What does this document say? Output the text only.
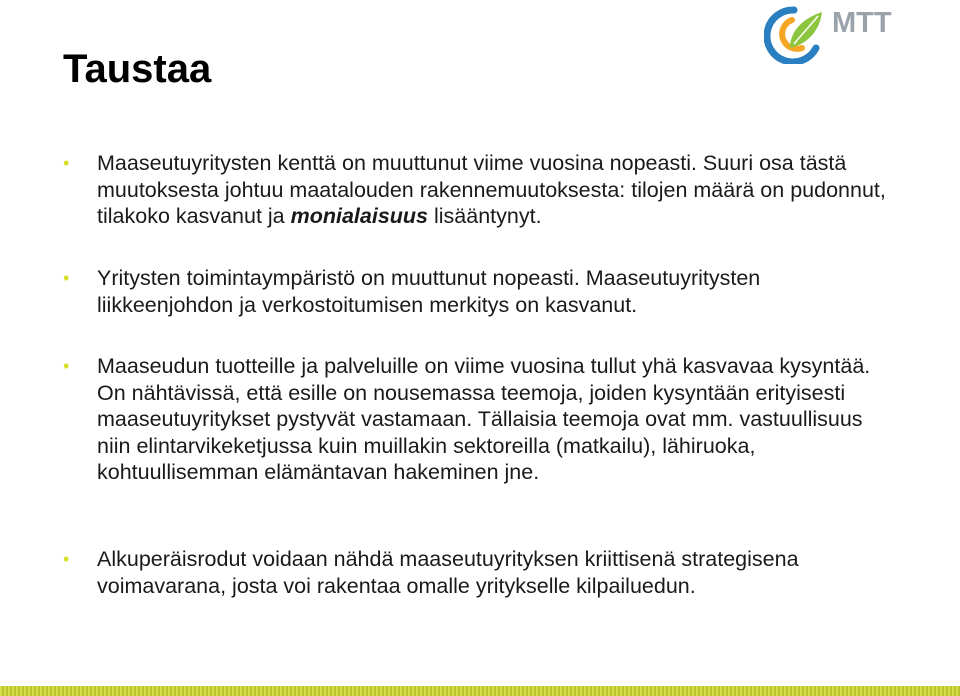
MTT
Taustaa
• Maaseutuyritysten kenttä on muuttunut viime vuosina nopeasti. Suuri osa tästä muutoksesta johtuu maatalouden rakennemuutoksesta: tilojen määrä on pudonnut, tilakoko kasvanut ja monialaisuus lisääntynyt.
• Yritysten toimintaympäristö on muuttunut nopeasti. Maaseutuyritysten liikkeenjohdon ja verkostoitumisen merkitys on kasvanut.
• Maaseudun tuotteille ja palveluille on viime vuosina tullut yhä kasvavaa kysyntää. On nähtävissä, että esille on nousemassa teemoja, joiden kysyntään erityisesti maaseutuyritykset pystyvät vastamaan. Tällaisia teemoja ovat mm. vastuullisuus niin elintarvikeketjussa kuin muillakin sektoreilla (matkailu), lähiruoka, kohtuullisemman elämäntavan hakeminen jne.
• Alkuperäisrodut voidaan nähdä maaseutuyrityksen kriittisenä strategisena voimavarana, josta voi rakentaa omalle yritykselle kilpailuedun.
